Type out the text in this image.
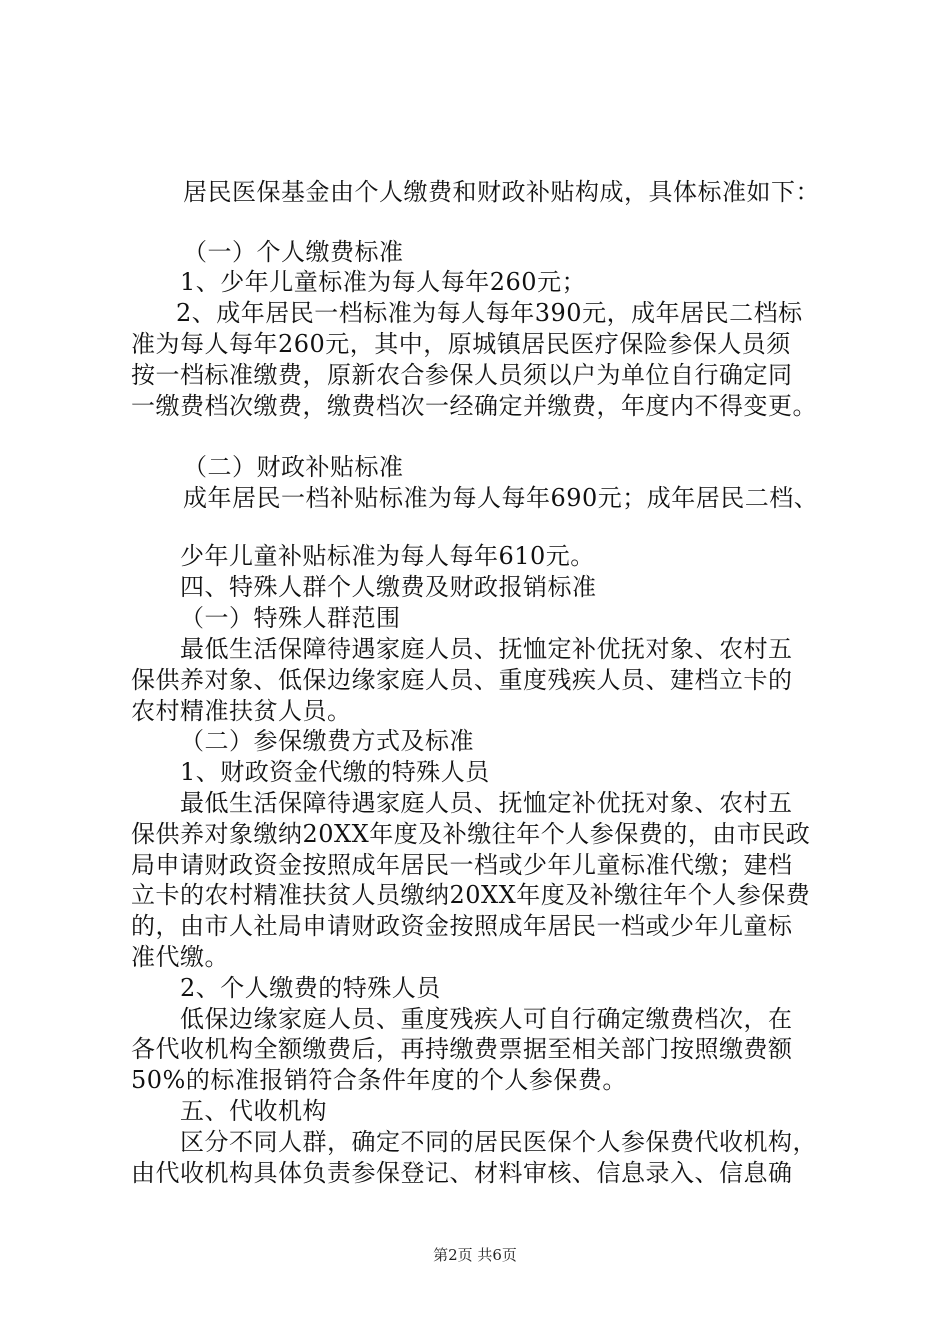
居民医保基金由个人缴费和财政补贴构成，具体标准如下：
（一）个人缴费标准
1、少年儿童标准为每人每年260元；
2、成年居民一档标准为每人每年390元，成年居民二档标
准为每人每年260元，其中，原城镇居民医疗保险参保人员须
按一档标准缴费，原新农合参保人员须以户为单位自行确定同
一缴费档次缴费，缴费档次一经确定并缴费，年度内不得变更。
（二）财政补贴标准
成年居民一档补贴标准为每人每年690元；成年居民二档、
少年儿童补贴标准为每人每年610元。
四、特殊人群个人缴费及财政报销标准
（一）特殊人群范围
最低生活保障待遇家庭人员、抚恤定补优抚对象、农村五
保供养对象、低保边缘家庭人员、重度残疾人员、建档立卡的
农村精准扶贫人员。
（二）参保缴费方式及标准
1、财政资金代缴的特殊人员
最低生活保障待遇家庭人员、抚恤定补优抚对象、农村五
保供养对象缴纳20XX年度及补缴往年个人参保费的，由市民政
局申请财政资金按照成年居民一档或少年儿童标准代缴；建档
立卡的农村精准扶贫人员缴纳20XX年度及补缴往年个人参保费
的，由市人社局申请财政资金按照成年居民一档或少年儿童标
准代缴。
2、个人缴费的特殊人员
低保边缘家庭人员、重度残疾人可自行确定缴费档次，在
各代收机构全额缴费后，再持缴费票据至相关部门按照缴费额
50%的标准报销符合条件年度的个人参保费。
五、代收机构
区分不同人群，确定不同的居民医保个人参保费代收机构，
由代收机构具体负责参保登记、材料审核、信息录入、信息确
第2页 共6页
